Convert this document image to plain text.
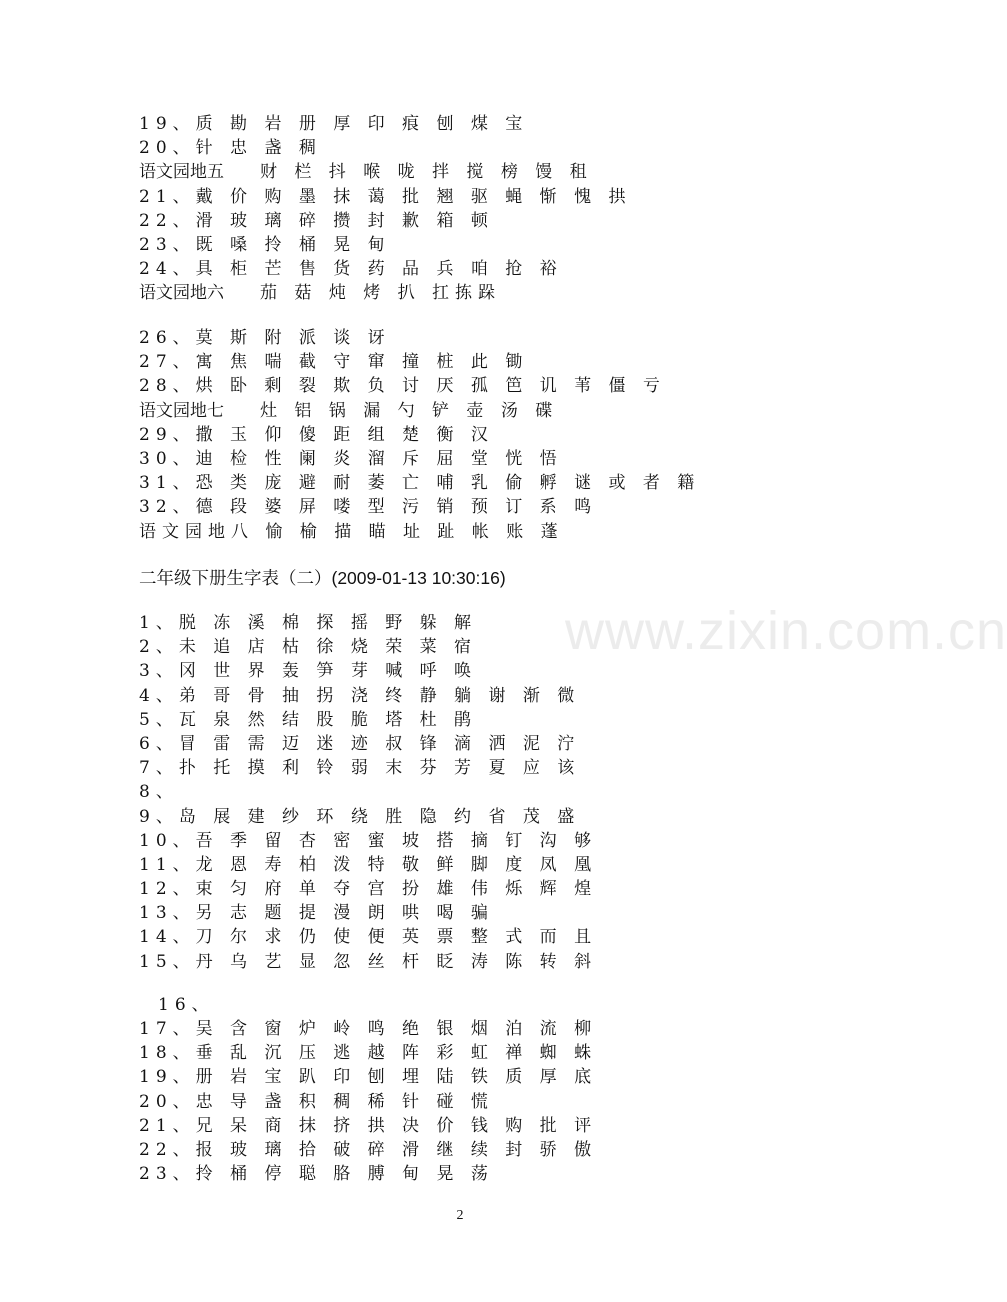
19、质 勘 岩 册 厚 印 痕 刨 煤 宝
20、针 忠 盏 稠
语文园地五 财 栏 抖 喉 咙 拌 搅 榜 馒 租
21、戴 价 购 墨 抹 蔼 批 翘 驱 蝇 惭 愧 拱
22、滑 玻 璃 碎 攒 封 歉 箱 顿
23、既 嗓 拎 桶 晃 甸
24、具 柜 芒 售 货 药 品 兵 咱 抢 裕
语文园地六 茄 菇 炖 烤 扒 扛拣跺
26、莫 斯 附 派 谈 讶
27、寓 焦 喘 截 守 窜 撞 桩 此 锄
28、烘 卧 剩 裂 欺 负 讨 厌 孤 笆 讥 苇 僵 亏
语文园地七 灶 铝 锅 漏 勺 铲 壶 汤 碟
29、撒 玉 仰 傻 距 组 楚 衡 汉
30、迪 检 性 阑 炎 溜 斥 屈 堂 恍 悟
31、恐 类 庞 避 耐 萎 亡 哺 乳 偷 孵 谜 或 者 籍
32、德 段 婆 屏 喽 型 污 销 预 订 系 鸣
语文园地八 愉 榆 描 瞄 址 趾 帐 账 蓬
二年级下册生字表（二）(2009-01-13 10:30:16)
1、脱 冻 溪 棉 探 摇 野 躲 解
2、未 追 店 枯 徐 烧 荣 菜 宿
3、冈 世 界 轰 笋 芽 喊 呼 唤
4、弟 哥 骨 抽 拐 浇 终 静 躺 谢 渐 微
5、瓦 泉 然 结 股 脆 塔 杜 鹃
6、冒 雷 需 迈 迷 迹 叔 锋 滴 洒 泥 泞
7、扑 托 摸 利 铃 弱 末 芬 芳 夏 应 该
8、
9、岛 展 建 纱 环 绕 胜 隐 约 省 茂 盛
10、吾 季 留 杏 密 蜜 坡 搭 摘 钉 沟 够
11、龙 恩 寿 柏 泼 特 敬 鲜 脚 度 凤 凰
12、束 匀 府 单 夺 宫 扮 雄 伟 烁 辉 煌
13、另 志 题 提 漫 朗 哄 喝 骗
14、刀 尔 求 仍 使 便 英 票 整 式 而 且
15、丹 乌 艺 显 忽 丝 杆 眨 涛 陈 转 斜
16、
17、吴 含 窗 炉 岭 鸣 绝 银 烟 泊 流 柳
18、垂 乱 沉 压 逃 越 阵 彩 虹 禅 蜘 蛛
19、册 岩 宝 趴 印 刨 埋 陆 铁 质 厚 底
20、忠 导 盏 积 稠 稀 针 碰 慌
21、兄 呆 商 抹 挤 拱 决 价 钱 购 批 评
22、报 玻 璃 拾 破 碎 滑 继 续 封 骄 傲
23、拎 桶 停 聪 胳 膊 甸 晃 荡
www.zixin.com.cn
2
